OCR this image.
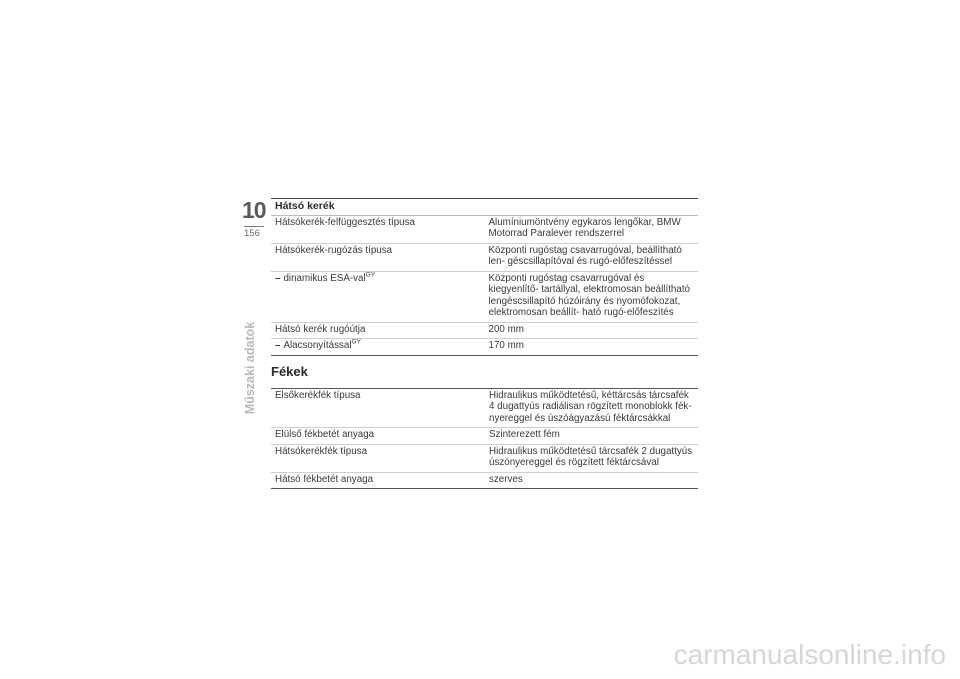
10
156
Műszaki adatok
Hátsó kerék	
Hátsókerék-felfüggesztés típusa	Alumíniumöntvény egykaros lengőkar, BMW Motorrad Paralever rendszerrel
Hátsókerék-rugózás típusa	Központi rugóstag csavarrugóval, beállítható len- géscsillapítóval és rugó-előfeszítéssel
– dinamikus ESA-val$^{GY}$	Központi rugóstag csavarrugóval és kiegyenlítő- tartállyal, elektromosan beállítható lengéscsillapító húzóirány és nyomófokozat, elektromosan beállít- ható rugó-előfeszítés
Hátsó kerék rugóútja	200 mm
– Alacsonyítással$^{GY}$	170 mm
Fékek
Elsőkerékfék típusa	Hidraulikus működtetésű, kéttárcsás tárcsafék 4 dugattyús radiálisan rögzített monoblokk fék- nyereggel és úszóágyazású féktárcsákkal
Elülső fékbetét anyaga	Szinterezett fém
Hátsókerékfék típusa	Hidraulikus működtetésű tárcsafék 2 dugattyús úszónyereggel és rögzített féktárcsával
Hátsó fékbetét anyaga	szerves
carmanualsonline.info
